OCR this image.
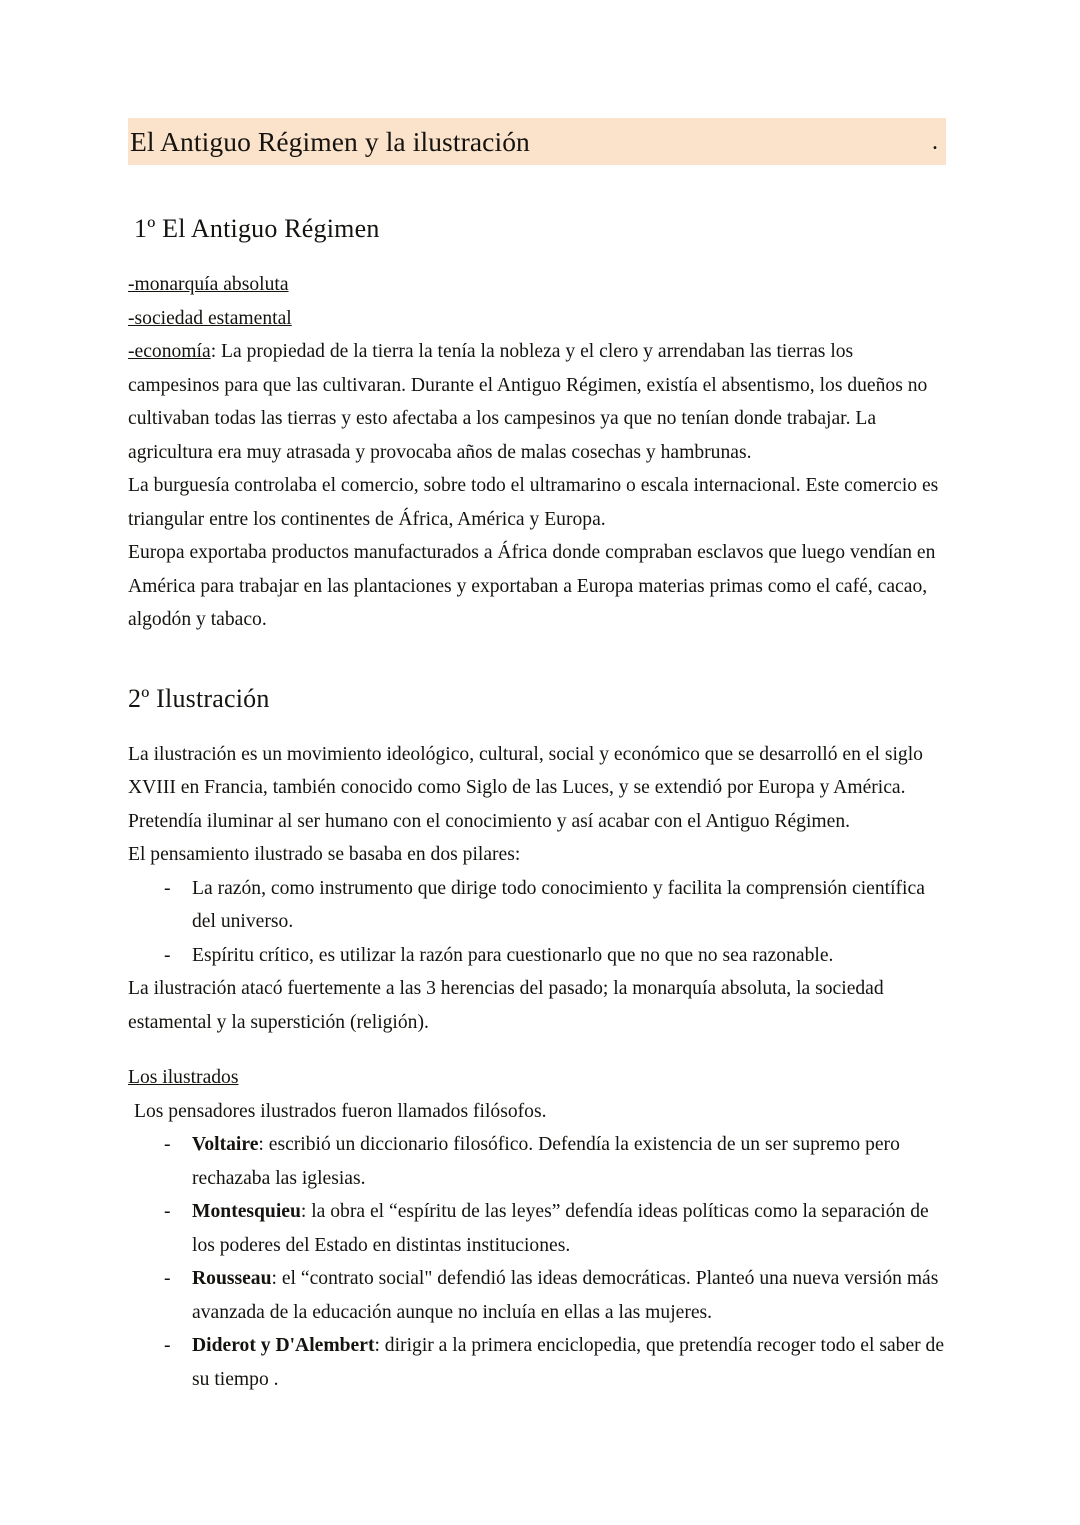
El Antiguo Régimen y la ilustración	.
1º El Antiguo Régimen

-monarquía absoluta

-sociedad estamental

-economía: La propiedad de la tierra la tenía la nobleza y el clero y arrendaban las tierras los campesinos para que las cultivaran. Durante el Antiguo Régimen, existía el absentismo, los dueños no cultivaban todas las tierras y esto afectaba a los campesinos ya que no tenían donde trabajar. La agricultura era muy atrasada y provocaba años de malas cosechas y hambrunas.

La burguesía controlaba el comercio, sobre todo el ultramarino o escala internacional. Este comercio es triangular entre los continentes de África, América y Europa.

Europa exportaba productos manufacturados a África donde compraban esclavos que luego vendían en América para trabajar en las plantaciones y exportaban a Europa materias primas como el café, cacao, algodón y tabaco.

2º Ilustración

La ilustración es un movimiento ideológico, cultural, social y económico que se desarrolló en el siglo XVIII en Francia, también conocido como Siglo de las Luces, y se extendió por Europa y América. Pretendía iluminar al ser humano con el conocimiento y así acabar con el Antiguo Régimen.

El pensamiento ilustrado se basaba en dos pilares:

- La razón, como instrumento que dirige todo conocimiento y facilita la comprensión científica del universo.
- Espíritu crítico, es utilizar la razón para cuestionarlo que no que no sea razonable.

La ilustración atacó fuertemente a las 3 herencias del pasado; la monarquía absoluta, la sociedad estamental y la superstición (religión).

Los ilustrados

Los pensadores ilustrados fueron llamados filósofos.

- Voltaire: escribió un diccionario filosófico. Defendía la existencia de un ser supremo pero rechazaba las iglesias.
- Montesquieu: la obra el “espíritu de las leyes” defendía ideas políticas como la separación de los poderes del Estado en distintas instituciones.
- Rousseau: el “contrato social" defendió las ideas democráticas. Planteó una nueva versión más avanzada de la educación aunque no incluía en ellas a las mujeres.
- Diderot y D'Alembert: dirigir a la primera enciclopedia, que pretendía recoger todo el saber de su tiempo .
